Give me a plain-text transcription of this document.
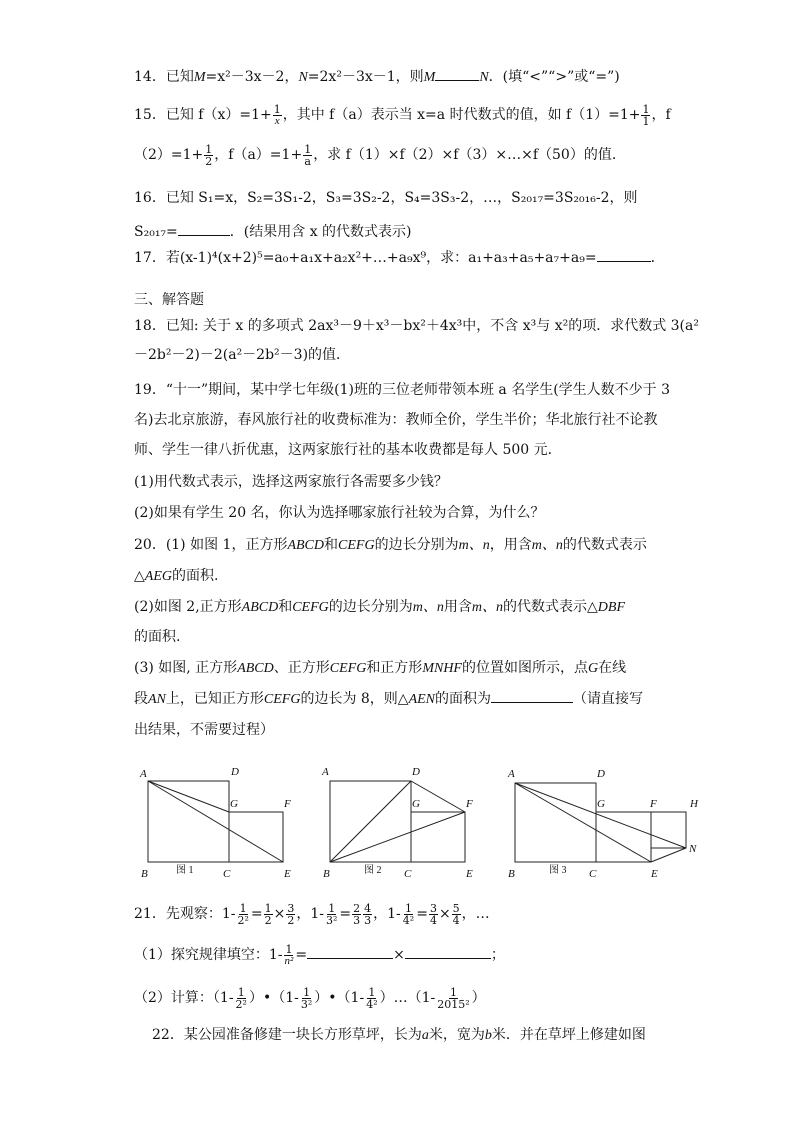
14．已知M=x²－3x－2，N=2x²－3x－1，则M	N．(填“<”“>”或“=”)
15．已知 $f(x)=1+ \frac{1}{x}$ ，其中 f（a）表示当 x=a 时代数式的值，如 $f(1)=1+ \frac{1}{1}$ ，f
$(2)=1+ \frac{1}{2}$ ，$f(a)=1+ \frac{1}{a}$ ，求 f（1）×f（2）×f（3）×…×f（50）的值．
16．已知 S₁=x，S₂=3S₁-2，S₃=3S₂-2，S₄=3S₃-2，…，S₂₀₁₇=3S₂₀₁₆-2，则
S₂₀₁₇=	．(结果用含 x 的代数式表示)
17．若(x-1)⁴(x+2)⁵=a₀+a₁x+a₂x²+…+a₉x⁹，求：a₁+a₃+a₅+a₇+a₉=	．
三、解答题
18．已知: 关于 x 的多项式 2ax³－9＋x³－bx²＋4x³中，不含 x³与 x²的项．求代数式 3(a²
－2b²－2)－2(a²－2b²－3)的值．
19．“十一”期间，某中学七年级(1)班的三位老师带领本班 a 名学生(学生人数不少于 3
名)去北京旅游，春风旅行社的收费标准为：教师全价，学生半价；华北旅行社不论教
师、学生一律八折优惠，这两家旅行社的基本收费都是每人 500 元．
(1)用代数式表示，选择这两家旅行各需要多少钱？
(2)如果有学生 20 名，你认为选择哪家旅行社较为合算，为什么？
20．(1) 如图 1，正方形ABCD和CEFG的边长分别为m、n，用含m、n的代数式表示
△AEG的面积.
(2)如图 2,正方形ABCD和CEFG的边长分别为m、n用含m、n的代数式表示△DBF
的面积.
(3) 如图, 正方形ABCD、正方形CEFG和正方形MNHF的位置如图所示，点G在线
段AN上，已知正方形CEFG的边长为 8，则△AEN的面积为	（请直接写
出结果，不需要过程）
A	D
G	F
B	图 1	C	E
A	D
G	F
B	图 2 C	E
A	D
G	F	H
N
B	图 3 C	E
21．先观察：$1- \frac{1}{\text{2²}} = \frac{1}{2} \times \frac{3}{2}$ ，$1- \frac{1}{\text{3²}} = \frac{2}{3} \frac{4}{3}$ ，$1- \frac{1}{\text{4²}} = \frac{3}{4} \times \frac{5}{4}$ ，…
（1）探究规律填空：$1- \frac{1}{\text{n²}}$ =	×	；
（2）计算：（$1- \frac{1}{\text{2²}}$ ）•（1- $\frac{1}{\text{3²}}$ ）•（1- $\frac{1}{\text{4²}}$ ）…（1- $\frac{1}{\text{2015²}}$ ）
22．某公园准备修建一块长方形草坪，长为a米，宽为b米．并在草坪上修建如图
